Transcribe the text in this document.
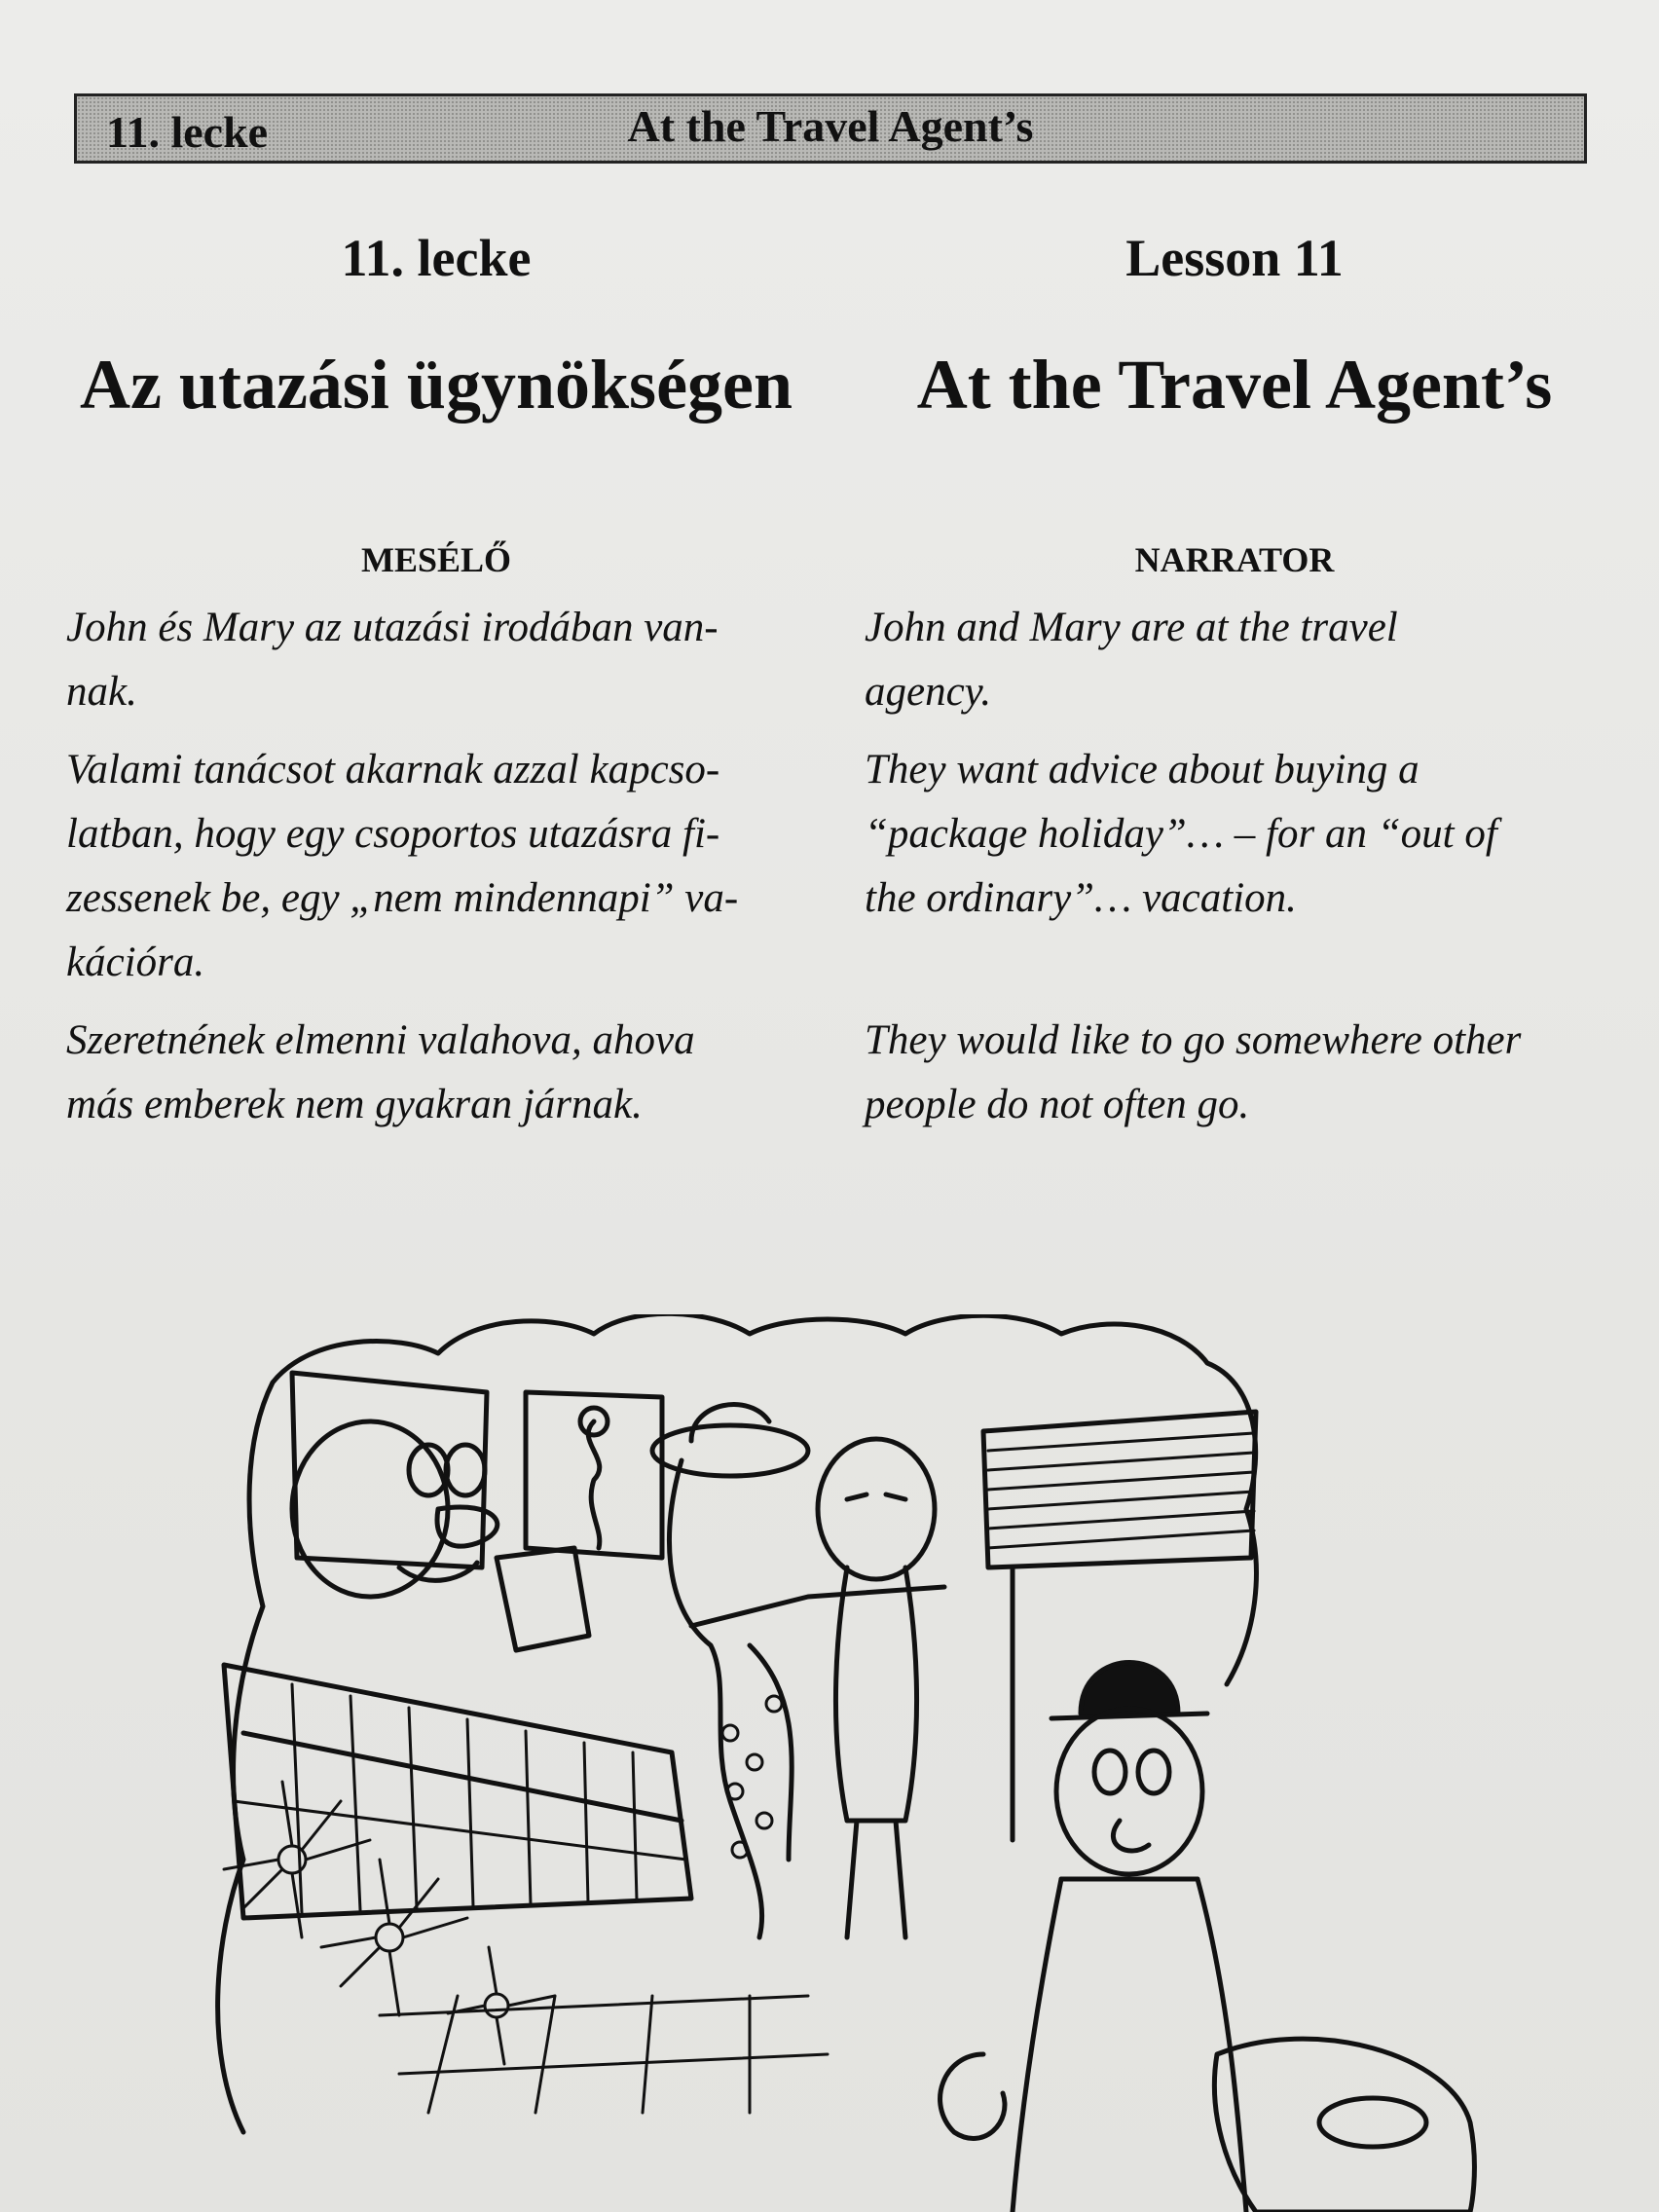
11. lecke	At the Travel Agent’s
11. lecke
Az utazási ügynökségen
MESÉLŐ

John és Mary az utazási irodában van-
nak.

Valami tanácsot akarnak azzal kapcso-
latban, hogy egy csoportos utazásra fi-
zessenek be, egy „nem mindennapi” va-
kációra.

Szeretnének elmenni valahova, ahova
más emberek nem gyakran járnak.

Lesson 11
At the Travel Agent’s
NARRATOR

John and Mary are at the travel
agency.

They want advice about buying a
“package holiday”… – for an “out of
the ordinary”… vacation.

They would like to go somewhere other
people do not often go.
